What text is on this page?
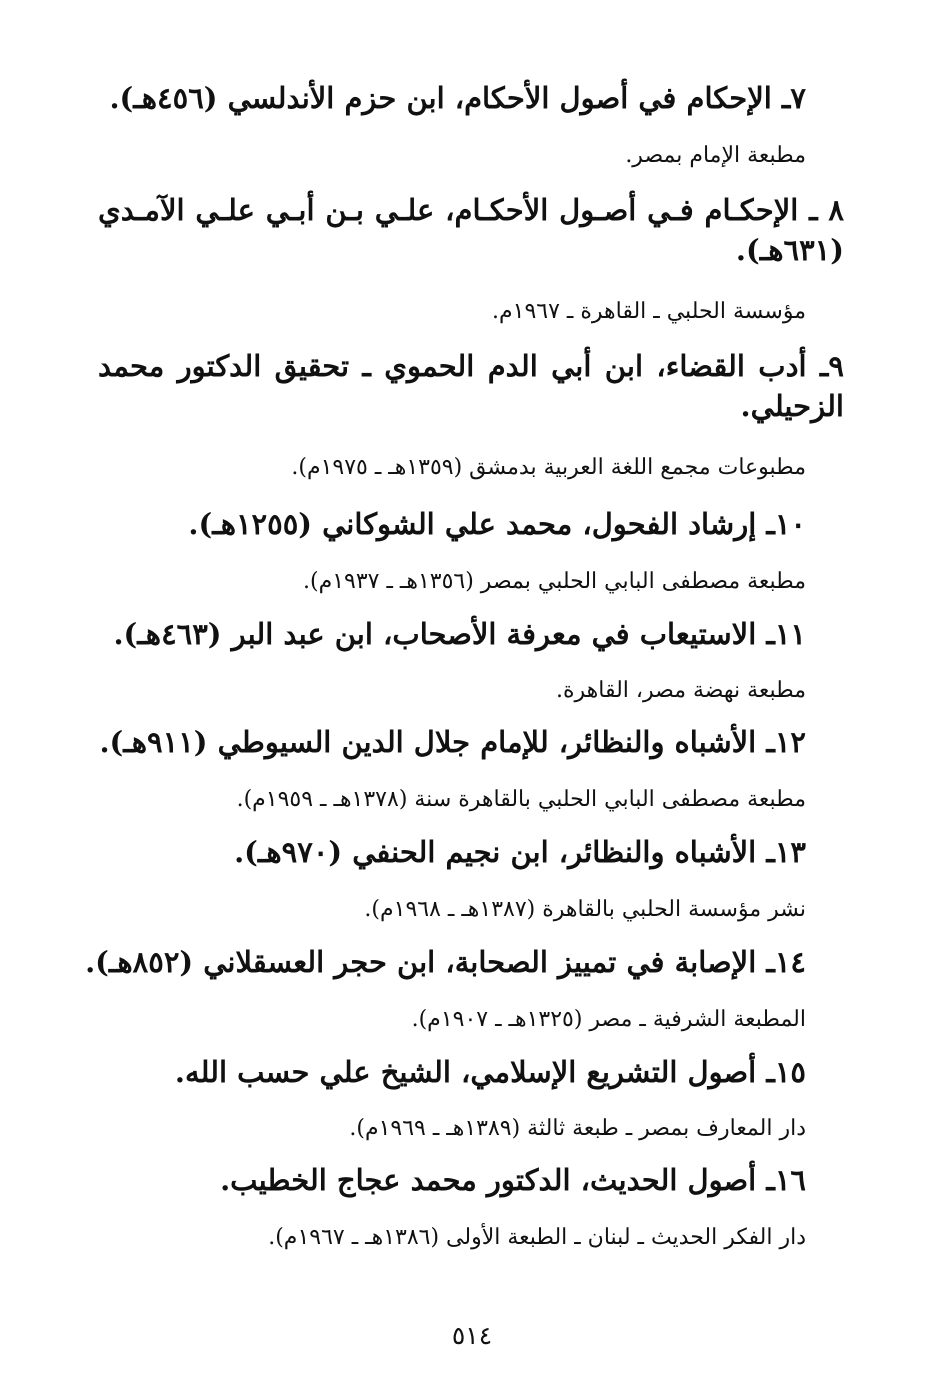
٧ـ الإحكام في أصول الأحكام، ابن حزم الأندلسي (٤٥٦هـ).
مطبعة الإمام بمصر.
٨ ـ الإحكـام فـي أصـول الأحكـام، علـي بـن أبـي علـي الآمـدي (٦٣١هـ).
مؤسسة الحلبي ـ القاهرة ـ ١٩٦٧م.
٩ـ أدب القضاء، ابن أبي الدم الحموي ـ تحقيق الدكتور محمد الزحيلي.
مطبوعات مجمع اللغة العربية بدمشق (١٣٥٩هـ ـ ١٩٧٥م).
١٠ـ إرشاد الفحول، محمد علي الشوكاني (١٢٥٥هـ).
مطبعة مصطفى البابي الحلبي بمصر (١٣٥٦هـ ـ ١٩٣٧م).
١١ـ الاستيعاب في معرفة الأصحاب، ابن عبد البر (٤٦٣هـ).
مطبعة نهضة مصر، القاهرة.
١٢ـ الأشباه والنظائر، للإمام جلال الدين السيوطي (٩١١هـ).
مطبعة مصطفى البابي الحلبي بالقاهرة سنة (١٣٧٨هـ ـ ١٩٥٩م).
١٣ـ الأشباه والنظائر، ابن نجيم الحنفي (٩٧٠هـ).
نشر مؤسسة الحلبي بالقاهرة (١٣٨٧هـ ـ ١٩٦٨م).
١٤ـ الإصابة في تمييز الصحابة، ابن حجر العسقلاني (٨٥٢هـ).
المطبعة الشرفية ـ مصر (١٣٢٥هـ ـ ١٩٠٧م).
١٥ـ أصول التشريع الإسلامي، الشيخ علي حسب الله.
دار المعارف بمصر ـ طبعة ثالثة (١٣٨٩هـ ـ ١٩٦٩م).
١٦ـ أصول الحديث، الدكتور محمد عجاج الخطيب.
دار الفكر الحديث ـ لبنان ـ الطبعة الأولى (١٣٨٦هـ ـ ١٩٦٧م).
٥١٤
